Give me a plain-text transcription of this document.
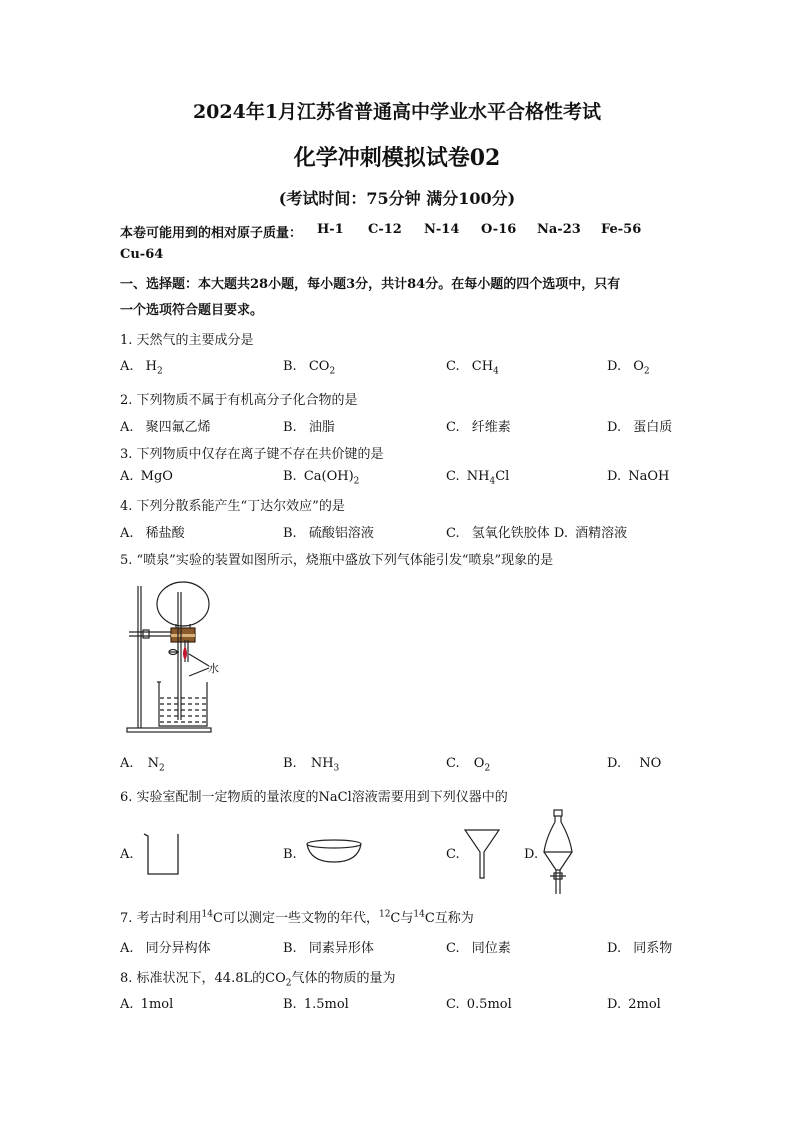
2024年1月江苏省普通高中学业水平合格性考试
化学冲刺模拟试卷02
(考试时间：75分钟 满分100分)
本卷可能用到的相对原子质量： H-1 C-12 N-14 O-16 Na-23 Fe-56
Cu-64
一、选择题：本大题共28小题，每小题3分，共计84分。在每小题的四个选项中，只有
一个选项符合题目要求。
1. 天然气的主要成分是
A. $H_2$	B. $CO_2$	C. $CH_4$	D. $O_2$
2. 下列物质不属于有机高分子化合物的是
A. 聚四氟乙烯	B. 油脂	C. 纤维素	D. 蛋白质
3. 下列物质中仅存在离子键不存在共价键的是
A. MgO	B. $Ca(OH)_2$	C. $NH_4Cl$	D. NaOH
4. 下列分散系能产生“丁达尔效应”的是
A. 稀盐酸	B. 硫酸铝溶液	C. 氢氧化铁胶体 D. 酒精溶液
5. “喷泉”实验的装置如图所示，烧瓶中盛放下列气体能引发“喷泉”现象的是
水
A. $N_2$	B. $NH_3$	C. $O_2$	D. NO
6. 实验室配制一定物质的量浓度的NaCl溶液需要用到下列仪器中的
A.	B.	C.	D.
7. 考古时利用$^{14}$C可以测定一些文物的年代，$^{12}$C与$^{14}$C互称为
A. 同分异构体	B. 同素异形体	C. 同位素	D. 同系物
8. 标准状况下，44.8L的$CO_2$气体的物质的量为
A. 1mol	B. 1.5mol	C. 0.5mol	D. 2mol
